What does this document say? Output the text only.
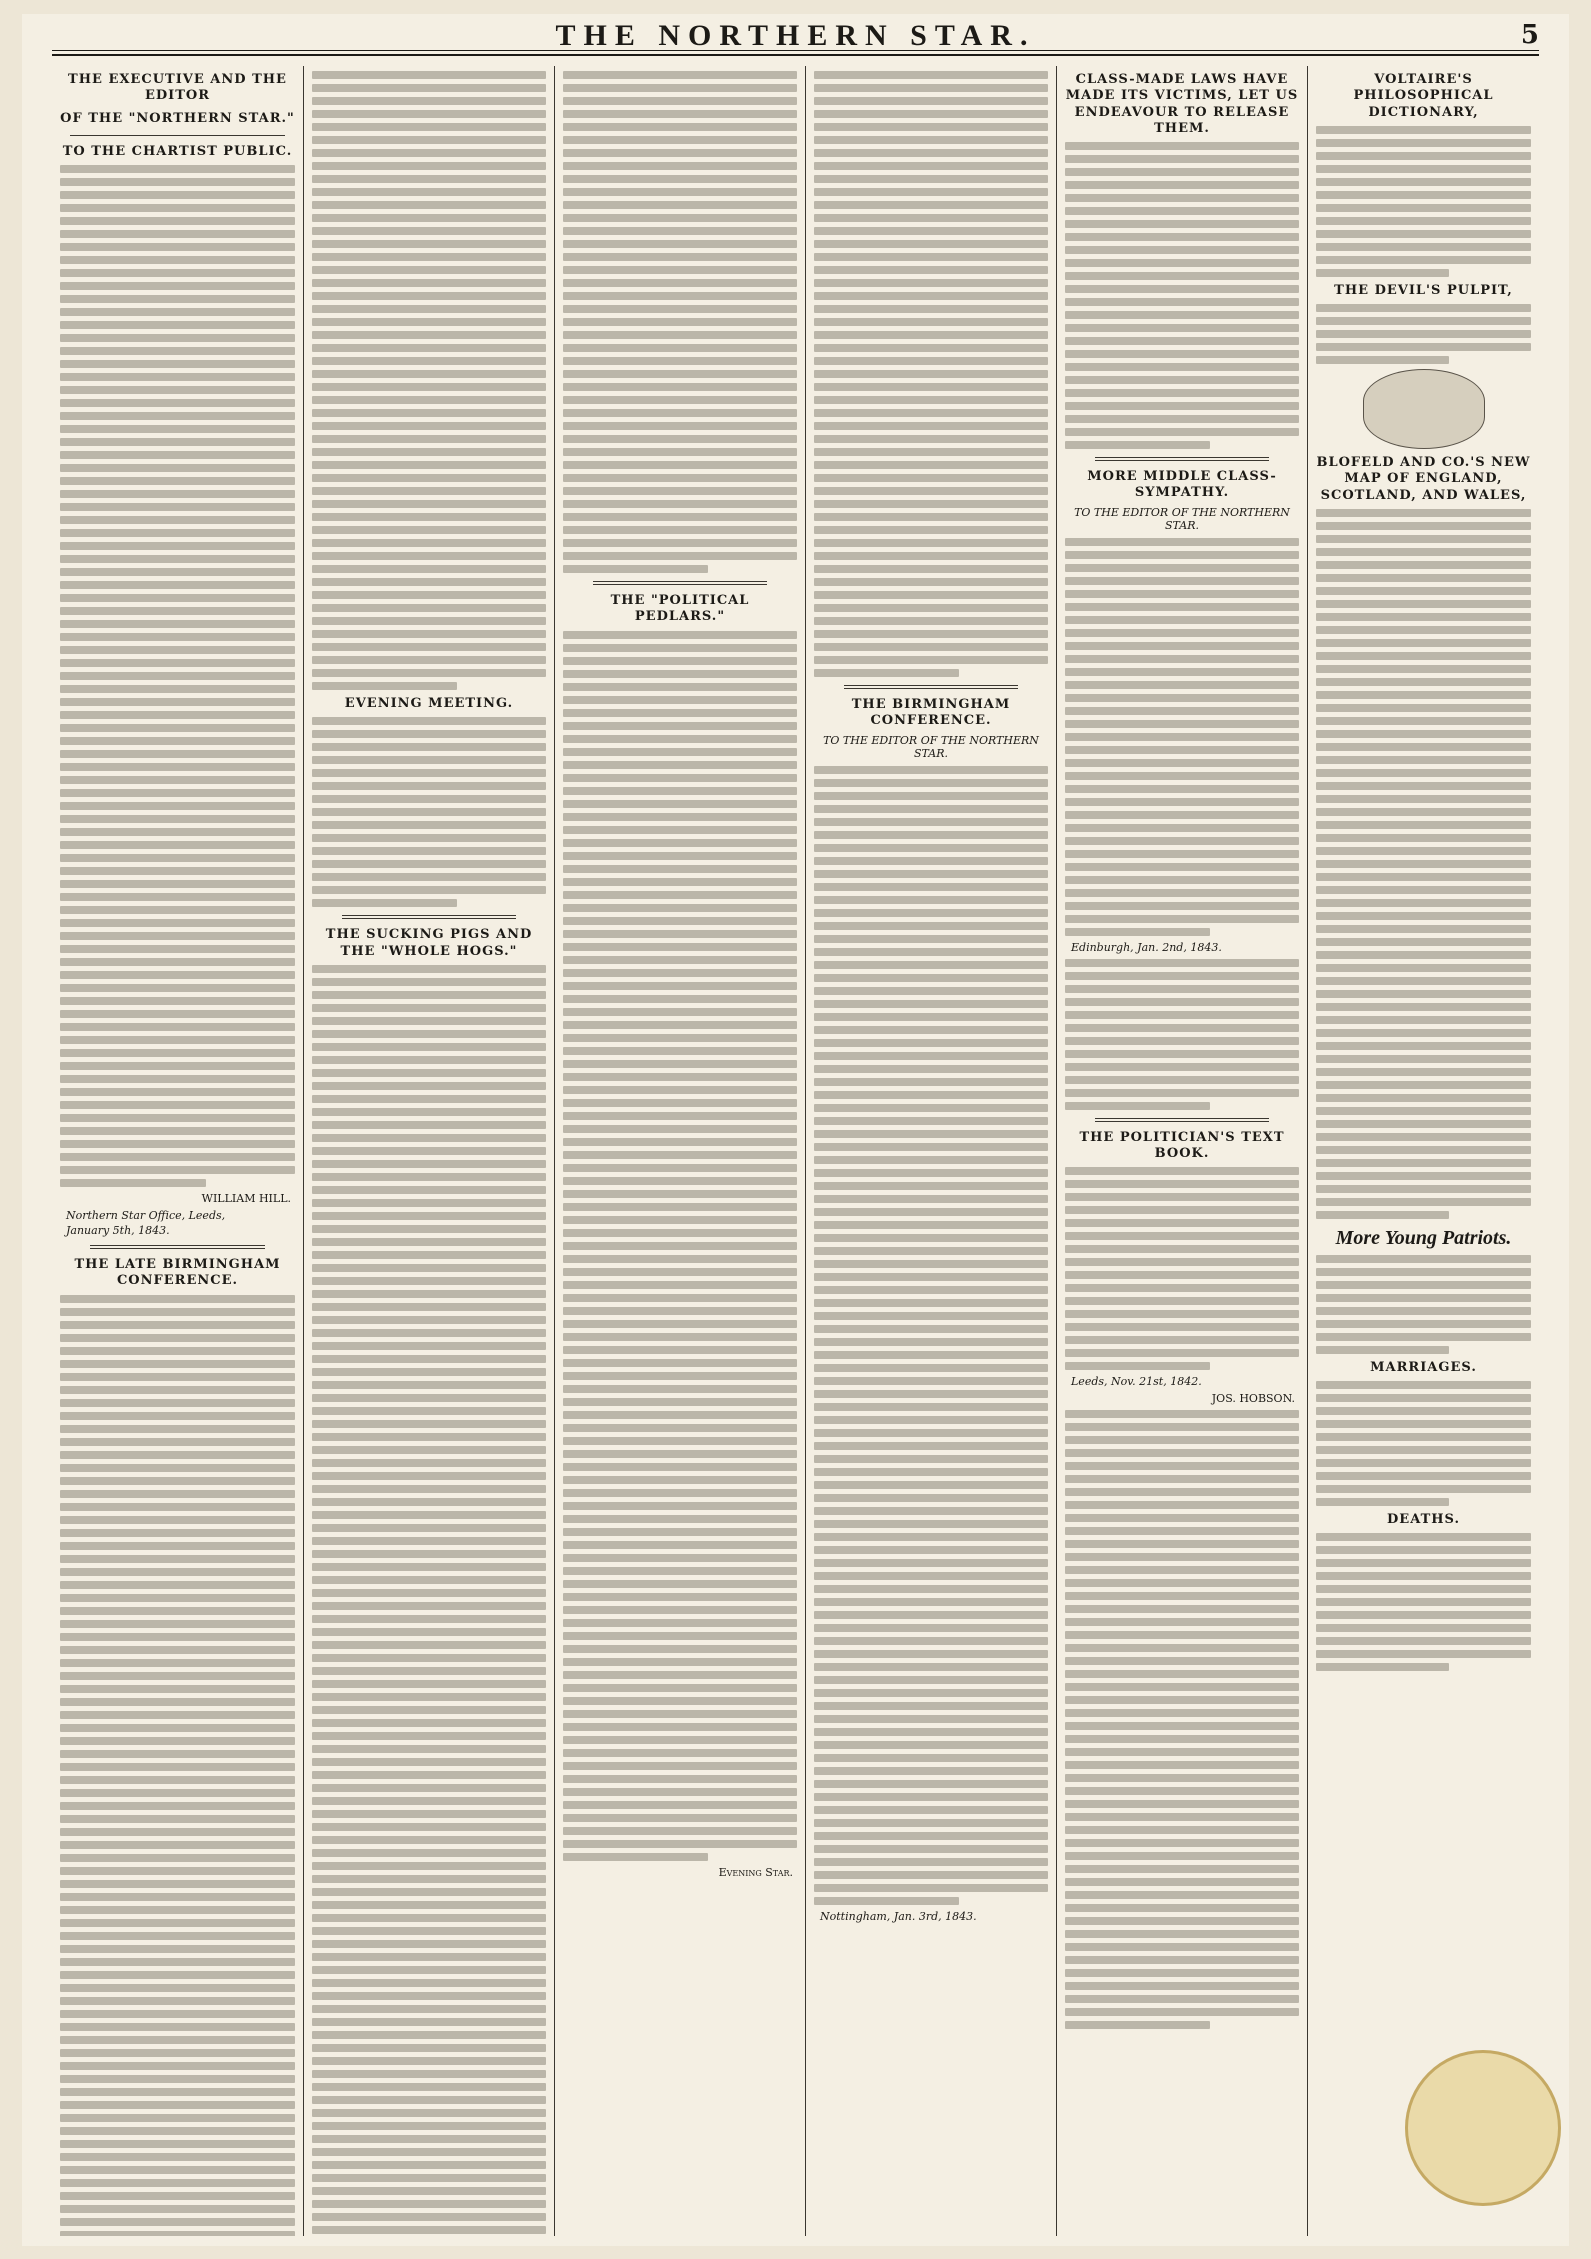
THE NORTHERN STAR.	5
THE EXECUTIVE AND THE EDITOR
OF THE "NORTHERN STAR."
TO THE CHARTIST PUBLIC.
WILLIAM HILL.
Northern Star Office, Leeds,
January 5th, 1843.
THE LATE BIRMINGHAM CONFERENCE.
EVENING MEETING.
THE SUCKING PIGS AND THE "WHOLE HOGS."
THE "POLITICAL PEDLARS."
Evening Star.
THE BIRMINGHAM CONFERENCE.
TO THE EDITOR OF THE NORTHERN STAR.
Nottingham, Jan. 3rd, 1843.
CLASS-MADE LAWS HAVE MADE ITS VICTIMS, LET US ENDEAVOUR TO RELEASE THEM.
MORE MIDDLE CLASS-SYMPATHY.
TO THE EDITOR OF THE NORTHERN STAR.
Edinburgh, Jan. 2nd, 1843.
THE POLITICIAN'S TEXT BOOK.
Leeds, Nov. 21st, 1842.
JOS. HOBSON.
VOLTAIRE'S PHILOSOPHICAL DICTIONARY,
THE DEVIL'S PULPIT,
BLOFELD AND CO.'S NEW MAP OF ENGLAND, SCOTLAND, AND WALES,
More Young Patriots.
MARRIAGES.
DEATHS.
